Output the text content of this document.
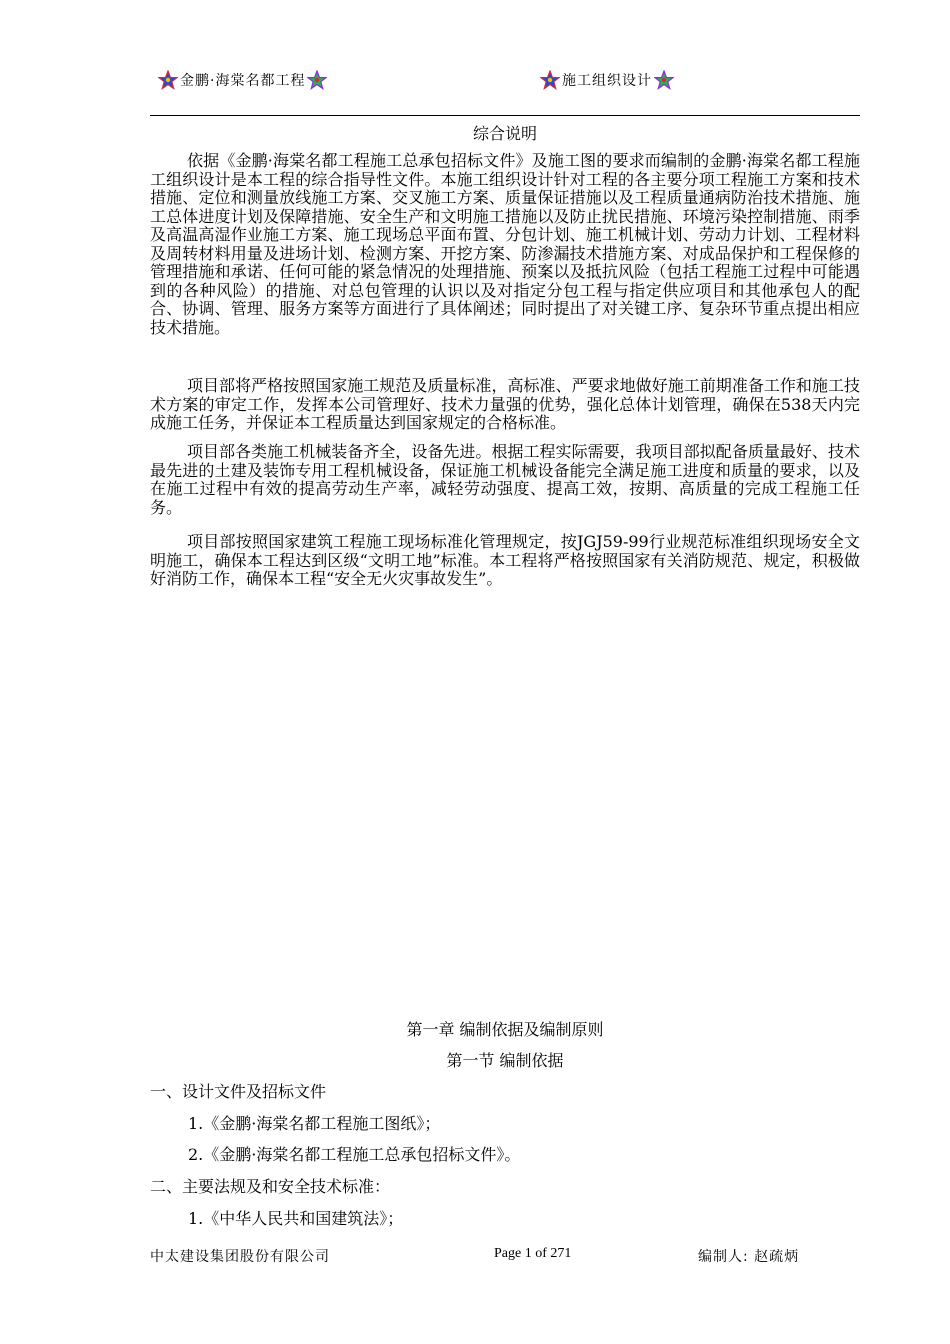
金鹏·海棠名都工程	施工组织设计
综合说明

依据《金鹏·海棠名都工程施工总承包招标文件》及施工图的要求而编制的金鹏·海棠名都工程施工组织设计是本工程的综合指导性文件。本施工组织设计针对工程的各主要分项工程施工方案和技术措施、定位和测量放线施工方案、交叉施工方案、质量保证措施以及工程质量通病防治技术措施、施工总体进度计划及保障措施、安全生产和文明施工措施以及防止扰民措施、环境污染控制措施、雨季及高温高湿作业施工方案、施工现场总平面布置、分包计划、施工机械计划、劳动力计划、工程材料及周转材料用量及进场计划、检测方案、开挖方案、防渗漏技术措施方案、对成品保护和工程保修的管理措施和承诺、任何可能的紧急情况的处理措施、预案以及抵抗风险（包括工程施工过程中可能遇到的各种风险）的措施、对总包管理的认识以及对指定分包工程与指定供应项目和其他承包人的配合、协调、管理、服务方案等方面进行了具体阐述；同时提出了对关键工序、复杂环节重点提出相应技术措施。

项目部将严格按照国家施工规范及质量标准，高标准、严要求地做好施工前期准备工作和施工技术方案的审定工作，发挥本公司管理好、技术力量强的优势，强化总体计划管理，确保在538天内完成施工任务，并保证本工程质量达到国家规定的合格标准。

项目部各类施工机械装备齐全，设备先进。根据工程实际需要，我项目部拟配备质量最好、技术最先进的土建及装饰专用工程机械设备，保证施工机械设备能完全满足施工进度和质量的要求，以及在施工过程中有效的提高劳动生产率，减轻劳动强度、提高工效，按期、高质量的完成工程施工任务。

项目部按照国家建筑工程施工现场标准化管理规定，按JGJ59-99行业规范标准组织现场安全文明施工，确保本工程达到区级“文明工地”标准。本工程将严格按照国家有关消防规范、规定，积极做好消防工作，确保本工程“安全无火灾事故发生”。

第一章 编制依据及编制原则
第一节 编制依据
一、设计文件及招标文件
1.《金鹏·海棠名都工程施工图纸》；
2.《金鹏·海棠名都工程施工总承包招标文件》。
二、主要法规及和安全技术标准：
1.《中华人民共和国建筑法》；
中太建设集团股份有限公司	Page 1 of 271	编制人: 赵疏炳
